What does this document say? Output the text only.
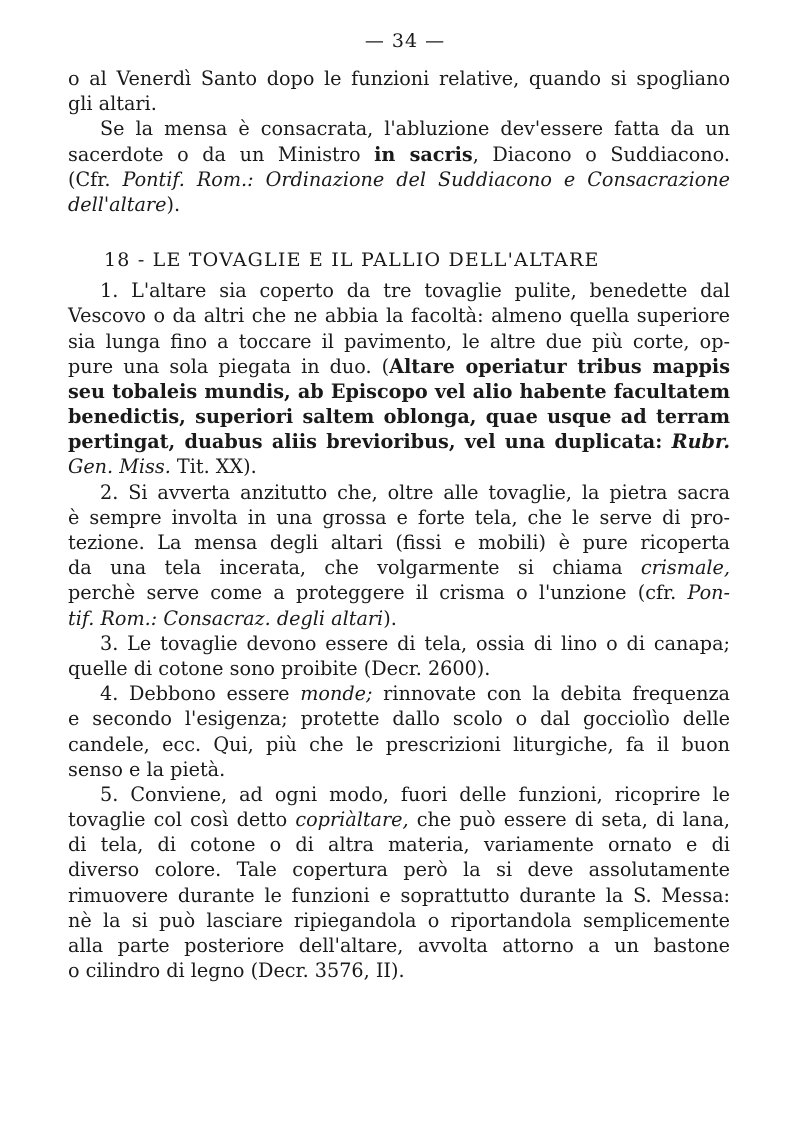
— 34 —
o al Venerdì Santo dopo le funzioni relative, quando si spogliano
gli altari.
Se la mensa è consacrata, l'abluzione dev'essere fatta da un
sacerdote o da un Ministro in sacris, Diacono o Suddiacono.
(Cfr. Pontif. Rom.: Ordinazione del Suddiacono e Consacrazione
dell'altare).
18 - LE TOVAGLIE E IL PALLIO DELL'ALTARE
1. L'altare sia coperto da tre tovaglie pulite, benedette dal
Vescovo o da altri che ne abbia la facoltà: almeno quella superiore
sia lunga fino a toccare il pavimento, le altre due più corte, op-
pure una sola piegata in duo. (Altare operiatur tribus mappis
seu tobaleis mundis, ab Episcopo vel alio habente facultatem
benedictis, superiori saltem oblonga, quae usque ad terram
pertingat, duabus aliis brevioribus, vel una duplicata: Rubr.
Gen. Miss. Tit. XX).
2. Si avverta anzitutto che, oltre alle tovaglie, la pietra sacra
è sempre involta in una grossa e forte tela, che le serve di pro-
tezione. La mensa degli altari (fissi e mobili) è pure ricoperta
da una tela incerata, che volgarmente si chiama crismale,
perchè serve come a proteggere il crisma o l'unzione (cfr. Pon-
tif. Rom.: Consacraz. degli altari).
3. Le tovaglie devono essere di tela, ossia di lino o di canapa;
quelle di cotone sono proibite (Decr. 2600).
4. Debbono essere monde; rinnovate con la debita frequenza
e secondo l'esigenza; protette dallo scolo o dal gocciolìo delle
candele, ecc. Qui, più che le prescrizioni liturgiche, fa il buon
senso e la pietà.
5. Conviene, ad ogni modo, fuori delle funzioni, ricoprire le
tovaglie col così detto copriàltare, che può essere di seta, di lana,
di tela, di cotone o di altra materia, variamente ornato e di
diverso colore. Tale copertura però la si deve assolutamente
rimuovere durante le funzioni e soprattutto durante la S. Messa:
nè la si può lasciare ripiegandola o riportandola semplicemente
alla parte posteriore dell'altare, avvolta attorno a un bastone
o cilindro di legno (Decr. 3576, II).
